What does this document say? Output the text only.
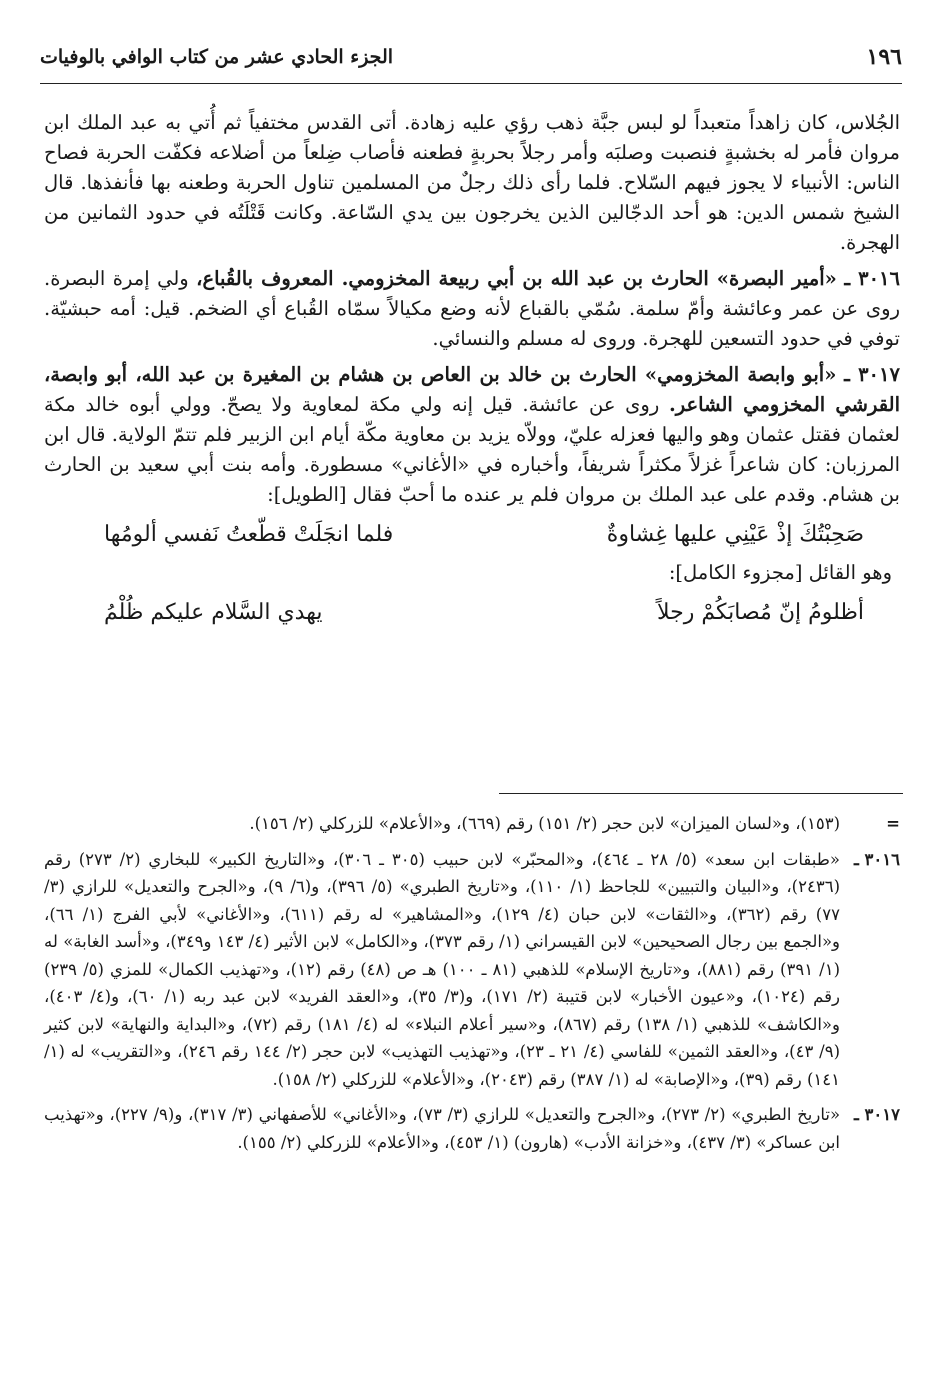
١٩٦
الجزء الحادي عشر من كتاب الوافي بالوفيات

الجُلاس، كان زاهداً متعبداً لو لبس جبَّة ذهب رؤي عليه زهادة. أتى القدس مختفياً ثم أُتي به عبد الملك ابن مروان فأمر له بخشبةٍ فنصبت وصلبَه وأمر رجلاً بحربةٍ فطعنه فأصاب ضِلعاً من أضلاعه فكفّت الحربة فصاح الناس: الأنبياء لا يجوز فيهم السّلاح. فلما رأى ذلك رجلٌ من المسلمين تناول الحربة وطعنه بها فأنفذها. قال الشيخ شمس الدين: هو أحد الدجّالين الذين يخرجون بين يدي السّاعة. وكانت قَتْلَتُه في حدود الثمانين من الهجرة.

٣٠١٦ ـ «أمير البصرة» الحارث بن عبد الله بن أبي ربيعة المخزومي. المعروف بالقُباع، ولي إمرة البصرة. روى عن عمر وعائشة وأمّ سلمة. سُمّي بالقباع لأنه وضع مكيالاً سمّاه القُباع أي الضخم. قيل: أمه حبشيّة. توفي في حدود التسعين للهجرة. وروى له مسلم والنسائي.

٣٠١٧ ـ «أبو وابصة المخزومي» الحارث بن خالد بن العاص بن هشام بن المغيرة بن عبد الله، أبو وابصة، القرشي المخزومي الشاعر. روى عن عائشة. قيل إنه ولي مكة لمعاوية ولا يصحّ. وولي أبوه خالد مكة لعثمان فقتل عثمان وهو واليها فعزله عليّ، وولاّه يزيد بن معاوية مكّة أيام ابن الزبير فلم تتمّ الولاية. قال ابن المرزبان: كان شاعراً غزلاً مكثراً شريفاً، وأخباره في «الأغاني» مسطورة. وأمه بنت أبي سعيد بن الحارث بن هشام. وقدم على عبد الملك بن مروان فلم ير عنده ما أحبّ فقال [الطويل]:

صَحِبْتُكَ إذْ عَيْنِي عليها غِشاوةٌ
فلما انجَلَتْ قطّعتُ نَفسي ألومُها

وهو القائل [مجزوء الكامل]:

أظلومُ إنّ مُصابَكُمْ رجلاً
يهدي السَّلام عليكم ظُلْمُ
=
(١٥٣)، و«لسان الميزان» لابن حجر (٢/ ١٥١) رقم (٦٦٩)، و«الأعلام» للزركلي (٢/ ١٥٦).
٣٠١٦ ـ
«طبقات ابن سعد» (٥/ ٢٨ ـ ٤٦٤)، و«المحبّر» لابن حبيب (٣٠٥ ـ ٣٠٦)، و«التاريخ الكبير» للبخاري (٢/ ٢٧٣) رقم (٢٤٣٦)، و«البيان والتبيين» للجاحظ (١/ ١١٠)، و«تاريخ الطبري» (٥/ ٣٩٦)، و(٦/ ٩)، و«الجرح والتعديل» للرازي (٣/ ٧٧) رقم (٣٦٢)، و«الثقات» لابن حبان (٤/ ١٢٩)، و«المشاهير» له رقم (٦١١)، و«الأغاني» لأبي الفرج (١/ ٦٦)، و«الجمع بين رجال الصحيحين» لابن القيسراني (١/ رقم ٣٧٣)، و«الكامل» لابن الأثير (٤/ ١٤٣ و٣٤٩)، و«أسد الغابة» له (١/ ٣٩١) رقم (٨٨١)، و«تاريخ الإسلام» للذهبي (٨١ ـ ١٠٠) هـ ص (٤٨) رقم (١٢)، و«تهذيب الكمال» للمزي (٥/ ٢٣٩) رقم (١٠٢٤)، و«عيون الأخبار» لابن قتيبة (٢/ ١٧١)، و(٣/ ٣٥)، و«العقد الفريد» لابن عبد ربه (١/ ٦٠)، و(٤/ ٤٠٣)، و«الكاشف» للذهبي (١/ ١٣٨) رقم (٨٦٧)، و«سير أعلام النبلاء» له (٤/ ١٨١) رقم (٧٢)، و«البداية والنهاية» لابن كثير (٩/ ٤٣)، و«العقد الثمين» للفاسي (٤/ ٢١ ـ ٢٣)، و«تهذيب التهذيب» لابن حجر (٢/ ١٤٤ رقم ٢٤٦)، و«التقريب» له (١/ ١٤١) رقم (٣٩)، و«الإصابة» له (١/ ٣٨٧) رقم (٢٠٤٣)، و«الأعلام» للزركلي (٢/ ١٥٨).
٣٠١٧ ـ
«تاريخ الطبري» (٢/ ٢٧٣)، و«الجرح والتعديل» للرازي (٣/ ٧٣)، و«الأغاني» للأصفهاني (٣/ ٣١٧)، و(٩/ ٢٢٧)، و«تهذيب ابن عساكر» (٣/ ٤٣٧)، و«خزانة الأدب» (هارون) (١/ ٤٥٣)، و«الأعلام» للزركلي (٢/ ١٥٥).
